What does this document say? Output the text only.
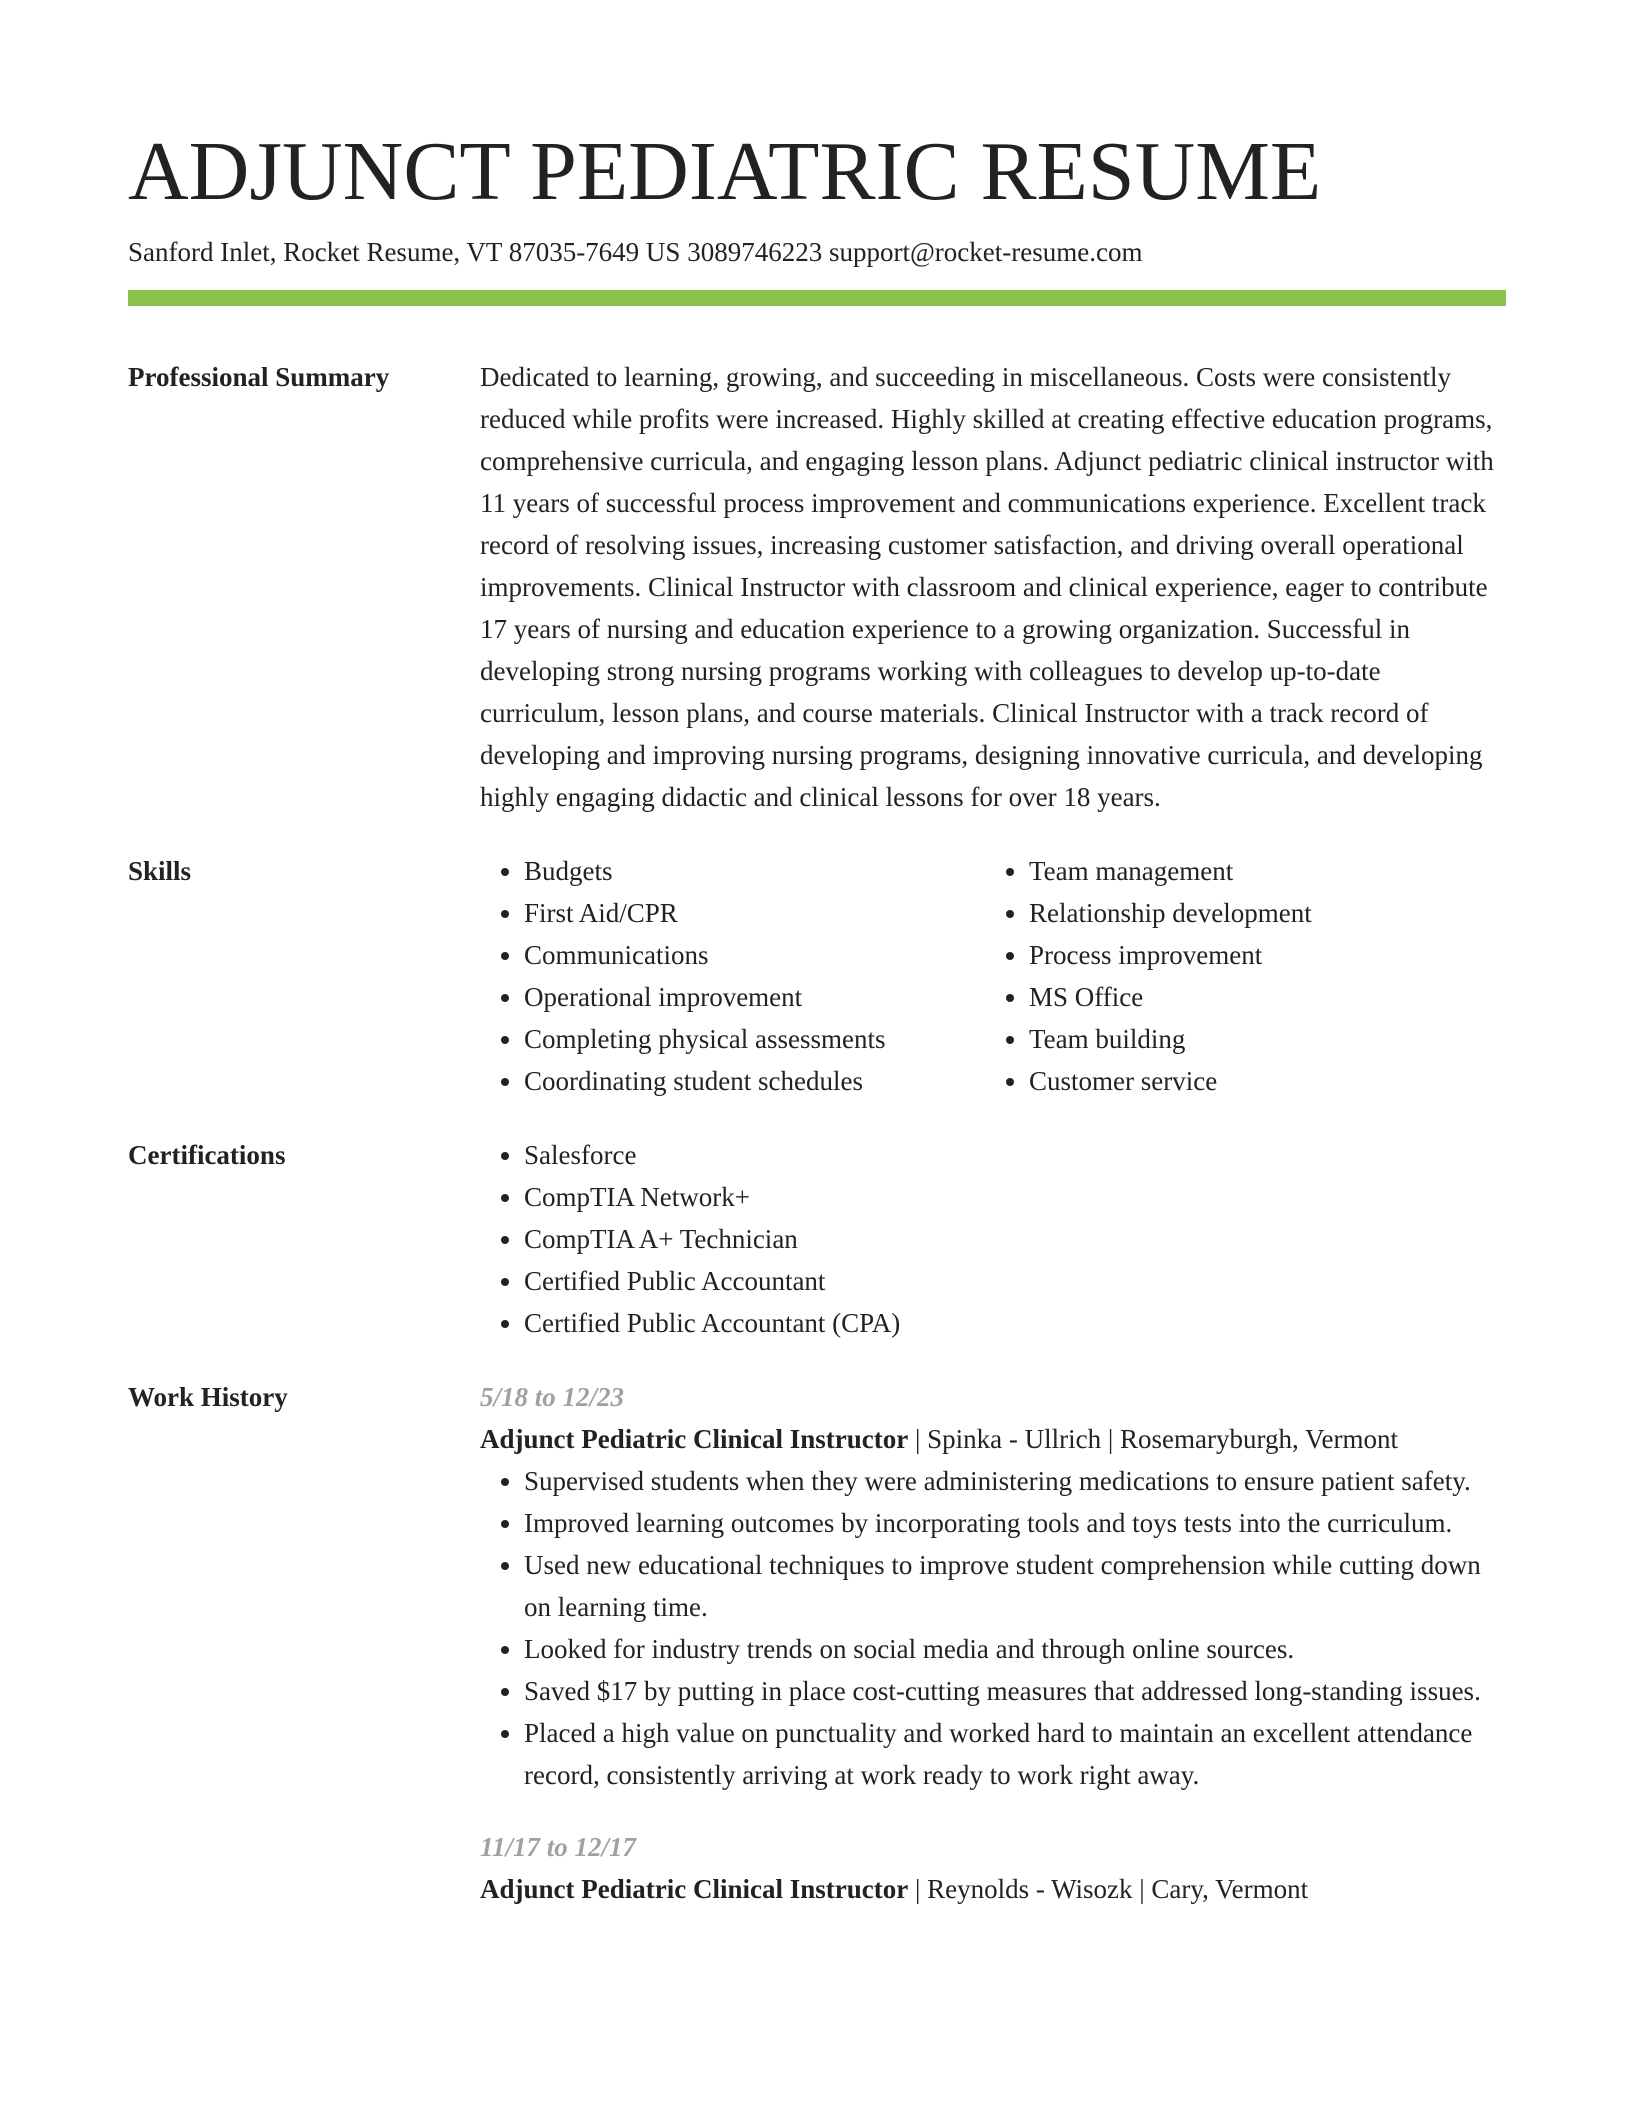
ADJUNCT PEDIATRIC RESUME
Sanford Inlet, Rocket Resume, VT 87035-7649 US 3089746223 support@rocket-resume.com
Professional Summary	Dedicated to learning, growing, and succeeding in miscellaneous. Costs were consistently reduced while profits were increased. Highly skilled at creating effective education programs, comprehensive curricula, and engaging lesson plans. Adjunct pediatric clinical instructor with 11 years of successful process improvement and communications experience. Excellent track record of resolving issues, increasing customer satisfaction, and driving overall operational improvements. Clinical Instructor with classroom and clinical experience, eager to contribute 17 years of nursing and education experience to a growing organization. Successful in developing strong nursing programs working with colleagues to develop up-to-date curriculum, lesson plans, and course materials. Clinical Instructor with a track record of developing and improving nursing programs, designing innovative curricula, and developing highly engaging didactic and clinical lessons for over 18 years.

Skills	• Budgets
• First Aid/CPR
• Communications
• Operational improvement
• Completing physical assessments
• Coordinating student schedules
• Team management
• Relationship development
• Process improvement
• MS Office
• Team building
• Customer service
Certifications	• Salesforce
• CompTIA Network+
• CompTIA A+ Technician
• Certified Public Accountant
• Certified Public Accountant (CPA)
Work History	5/18 to 12/23
Adjunct Pediatric Clinical Instructor | Spinka - Ullrich | Rosemaryburgh, Vermont
• Supervised students when they were administering medications to ensure patient safety.
• Improved learning outcomes by incorporating tools and toys tests into the curriculum.
• Used new educational techniques to improve student comprehension while cutting down on learning time.
• Looked for industry trends on social media and through online sources.
• Saved $17 by putting in place cost-cutting measures that addressed long-standing issues.
• Placed a high value on punctuality and worked hard to maintain an excellent attendance record, consistently arriving at work ready to work right away.
11/17 to 12/17
Adjunct Pediatric Clinical Instructor | Reynolds - Wisozk | Cary, Vermont
